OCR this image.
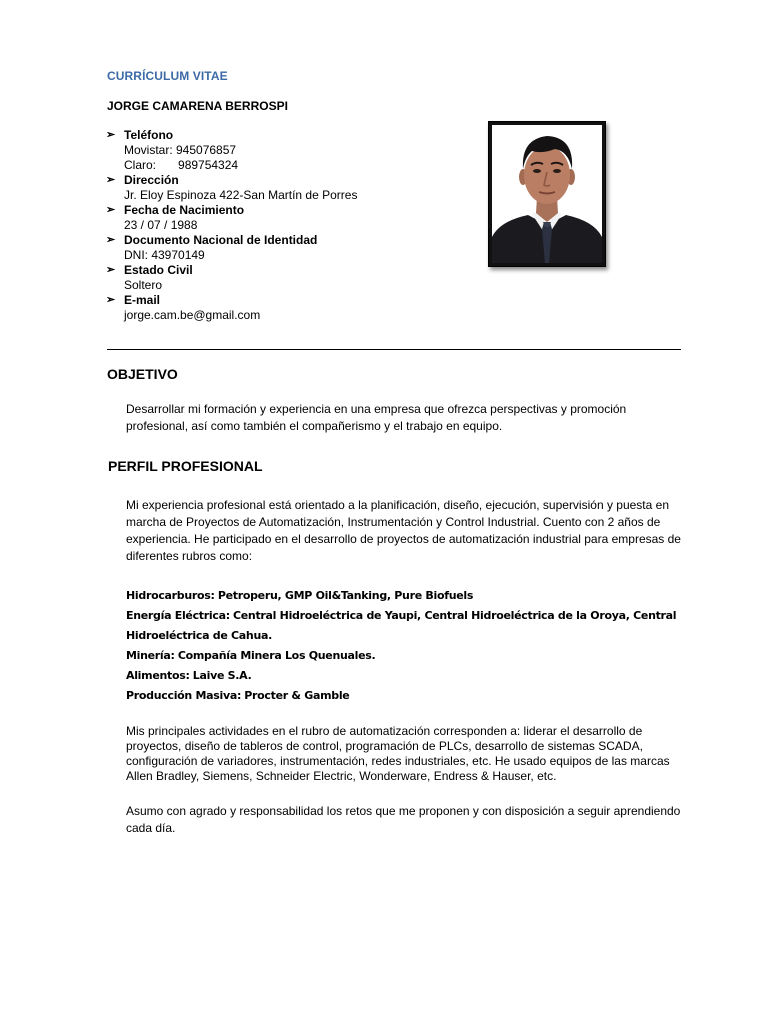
CURRÍCULUM VITAE
JORGE CAMARENA BERROSPI
➢ Teléfono
Movistar: 945076857
Claro: 989754324
➢ Dirección
Jr. Eloy Espinoza 422-San Martín de Porres
➢ Fecha de Nacimiento
23 / 07 / 1988
➢ Documento Nacional de Identidad
DNI: 43970149
➢ Estado Civil
Soltero
➢ E-mail
jorge.cam.be@gmail.com
OBJETIVO
Desarrollar mi formación y experiencia en una empresa que ofrezca perspectivas y promoción profesional, así como también el compañerismo y el trabajo en equipo.
PERFIL PROFESIONAL
Mi experiencia profesional está orientado a la planificación, diseño, ejecución, supervisión y puesta en marcha de Proyectos de Automatización, Instrumentación y Control Industrial. Cuento con 2 años de experiencia. He participado en el desarrollo de proyectos de automatización industrial para empresas de diferentes rubros como:
Hidrocarburos: Petroperu, GMP Oil&Tanking, Pure Biofuels
Energía Eléctrica: Central Hidroeléctrica de Yaupi, Central Hidroeléctrica de la Oroya, Central Hidroeléctrica de Cahua.
Minería: Compañía Minera Los Quenuales.
Alimentos: Laive S.A.
Producción Masiva: Procter & Gamble
Mis principales actividades en el rubro de automatización corresponden a: liderar el desarrollo de proyectos, diseño de tableros de control, programación de PLCs, desarrollo de sistemas SCADA, configuración de variadores, instrumentación, redes industriales, etc. He usado equipos de las marcas Allen Bradley, Siemens, Schneider Electric, Wonderware, Endress & Hauser, etc.
Asumo con agrado y responsabilidad los retos que me proponen y con disposición a seguir aprendiendo cada día.
